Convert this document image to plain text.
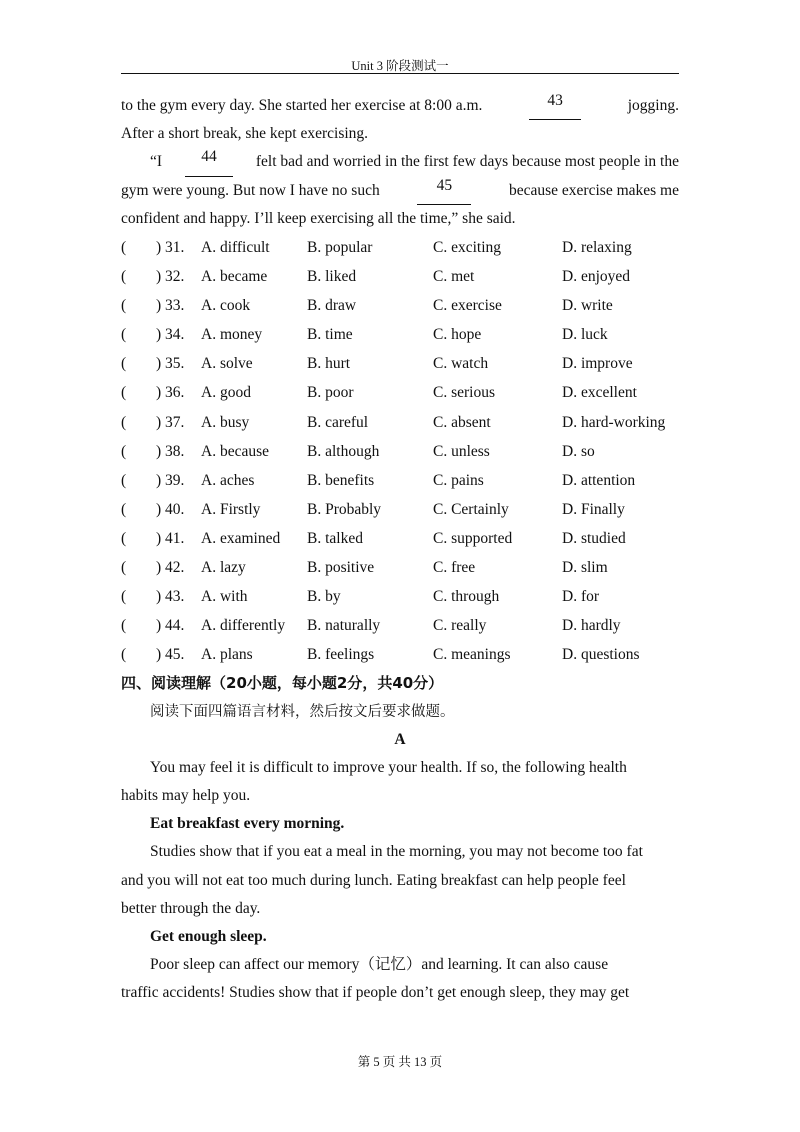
Unit 3 阶段测试一
to the gym every day. She started her exercise at 8:00 a.m.	43	jogging.
After a short break, she kept exercising.
“I	44	felt bad and worried in the first few days because most people in the
gym were young. But now I have no such	45	because exercise makes me
confident and happy. I’ll keep exercising all the time,” she said.
( ) 31. A. difficult B. popular	C. exciting	D. relaxing
( ) 32. A. became	B. liked	C. met	D. enjoyed
( ) 33. A. cook	B. draw	C. exercise	D. write
( ) 34. A. money	B. time	C. hope	D. luck
( ) 35. A. solve	B. hurt	C. watch	D. improve
( ) 36. A. good	B. poor	C. serious	D. excellent
( ) 37. A. busy	B. careful	C. absent	D. hard-working
( ) 38. A. because B. although	C. unless	D. so
( ) 39. A. aches	B. benefits	C. pains	D. attention
( ) 40. A. Firstly	B. Probably	C. Certainly	D. Finally
( ) 41. A. examined B. talked	C. supported	D. studied
( ) 42. A. lazy	B. positive	C. free	D. slim
( ) 43. A. with	B. by	C. through	D. for
( ) 44. A. differently B. naturally	C. really	D. hardly
( ) 45. A. plans	B. feelings	C. meanings	D. questions
四、阅读理解（20小题，每小题2分，共40分）
阅读下面四篇语言材料，然后按文后要求做题。
A
You may feel it is difficult to improve your health. If so, the following health
habits may help you.
Eat breakfast every morning.
Studies show that if you eat a meal in the morning, you may not become too fat
and you will not eat too much during lunch. Eating breakfast can help people feel
better through the day.
Get enough sleep.
Poor sleep can affect our memory（记忆）and learning. It can also cause
traffic accidents! Studies show that if people don’t get enough sleep, they may get
第 5 页 共 13 页
